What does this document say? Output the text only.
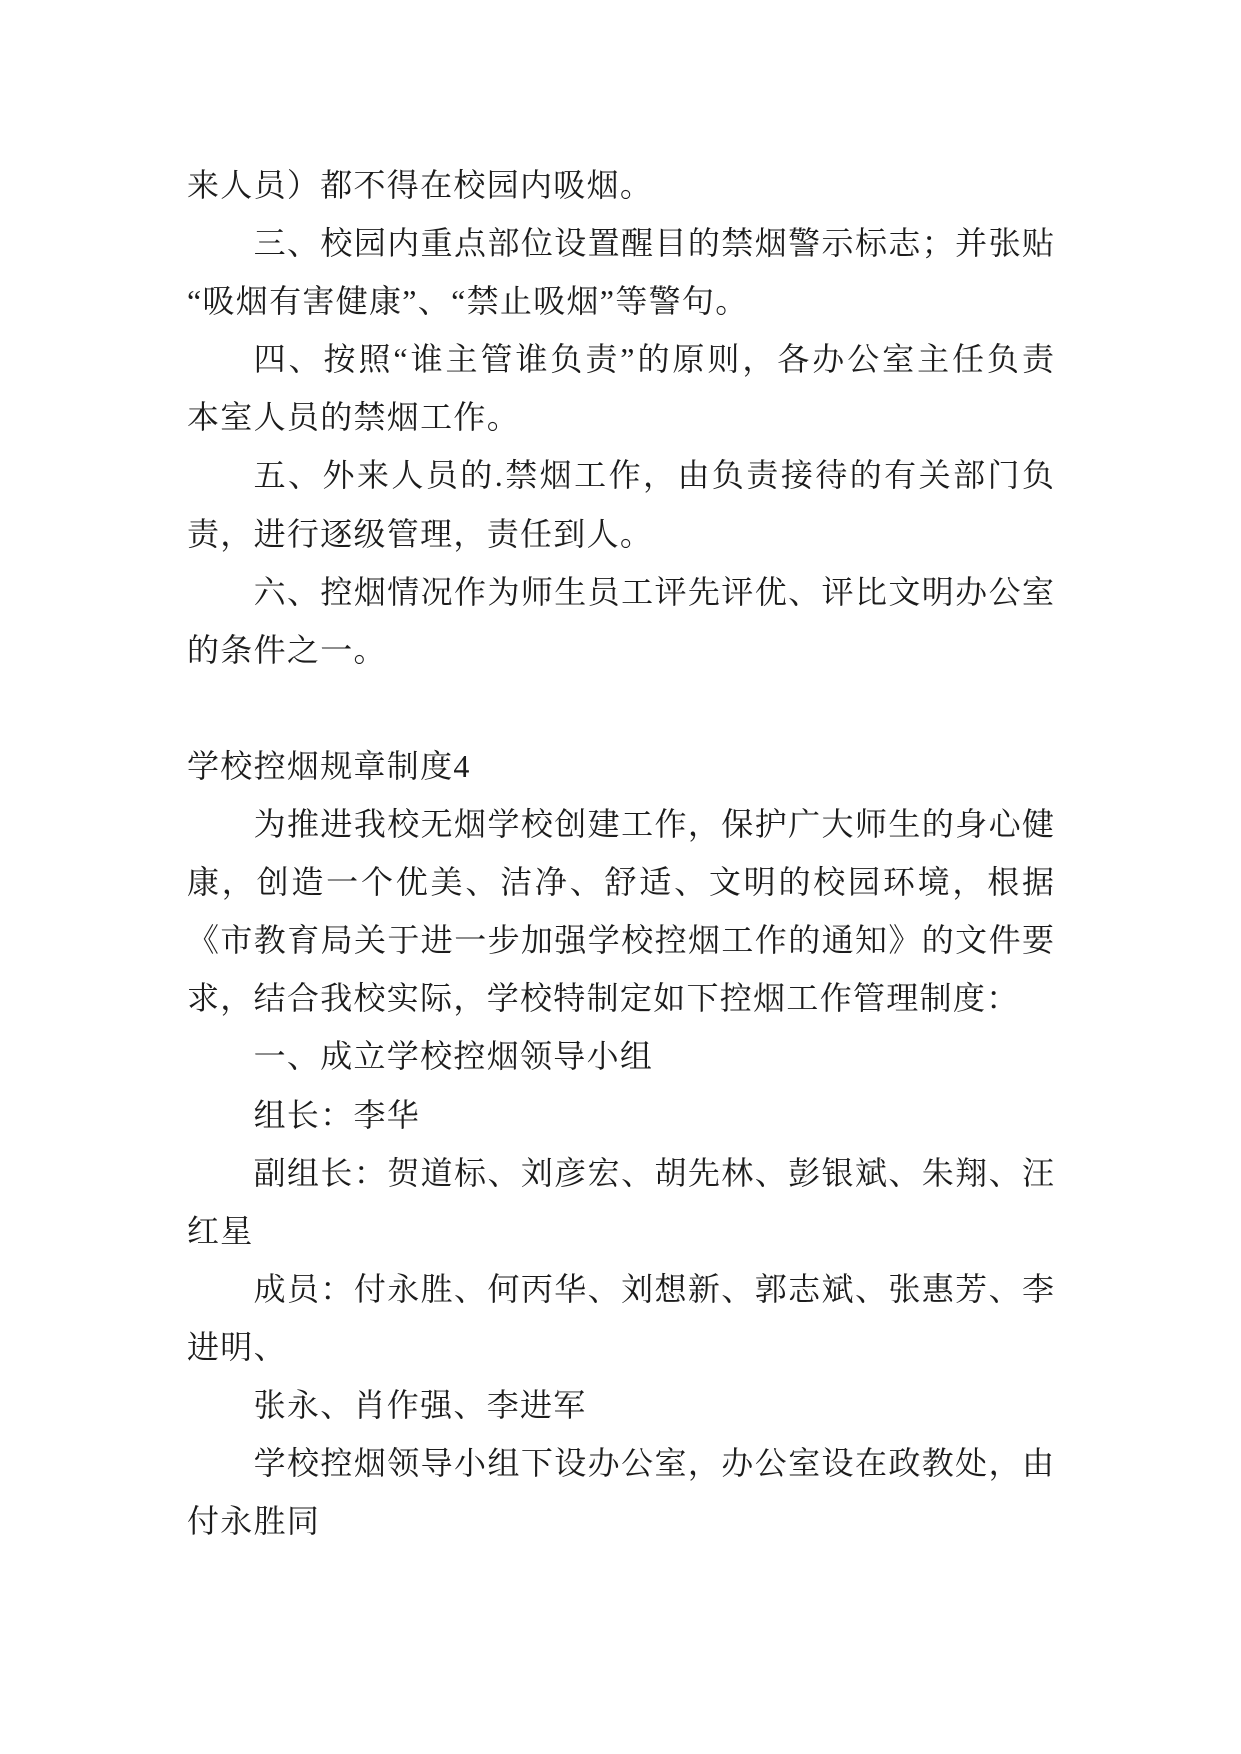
来人员）都不得在校园内吸烟。
三、校园内重点部位设置醒目的禁烟警示标志；并张贴
“吸烟有害健康”、“禁止吸烟”等警句。
四、按照“谁主管谁负责”的原则，各办公室主任负责
本室人员的禁烟工作。
五、外来人员的.禁烟工作，由负责接待的有关部门负
责，进行逐级管理，责任到人。
六、控烟情况作为师生员工评先评优、评比文明办公室
的条件之一。
学校控烟规章制度4
为推进我校无烟学校创建工作，保护广大师生的身心健
康，创造一个优美、洁净、舒适、文明的校园环境，根据
《市教育局关于进一步加强学校控烟工作的通知》的文件要
求，结合我校实际，学校特制定如下控烟工作管理制度：
一、成立学校控烟领导小组
组长：李华
副组长：贺道标、刘彦宏、胡先林、彭银斌、朱翔、汪
红星
成员：付永胜、何丙华、刘想新、郭志斌、张惠芳、李
进明、
张永、肖作强、李进军
学校控烟领导小组下设办公室，办公室设在政教处，由
付永胜同
